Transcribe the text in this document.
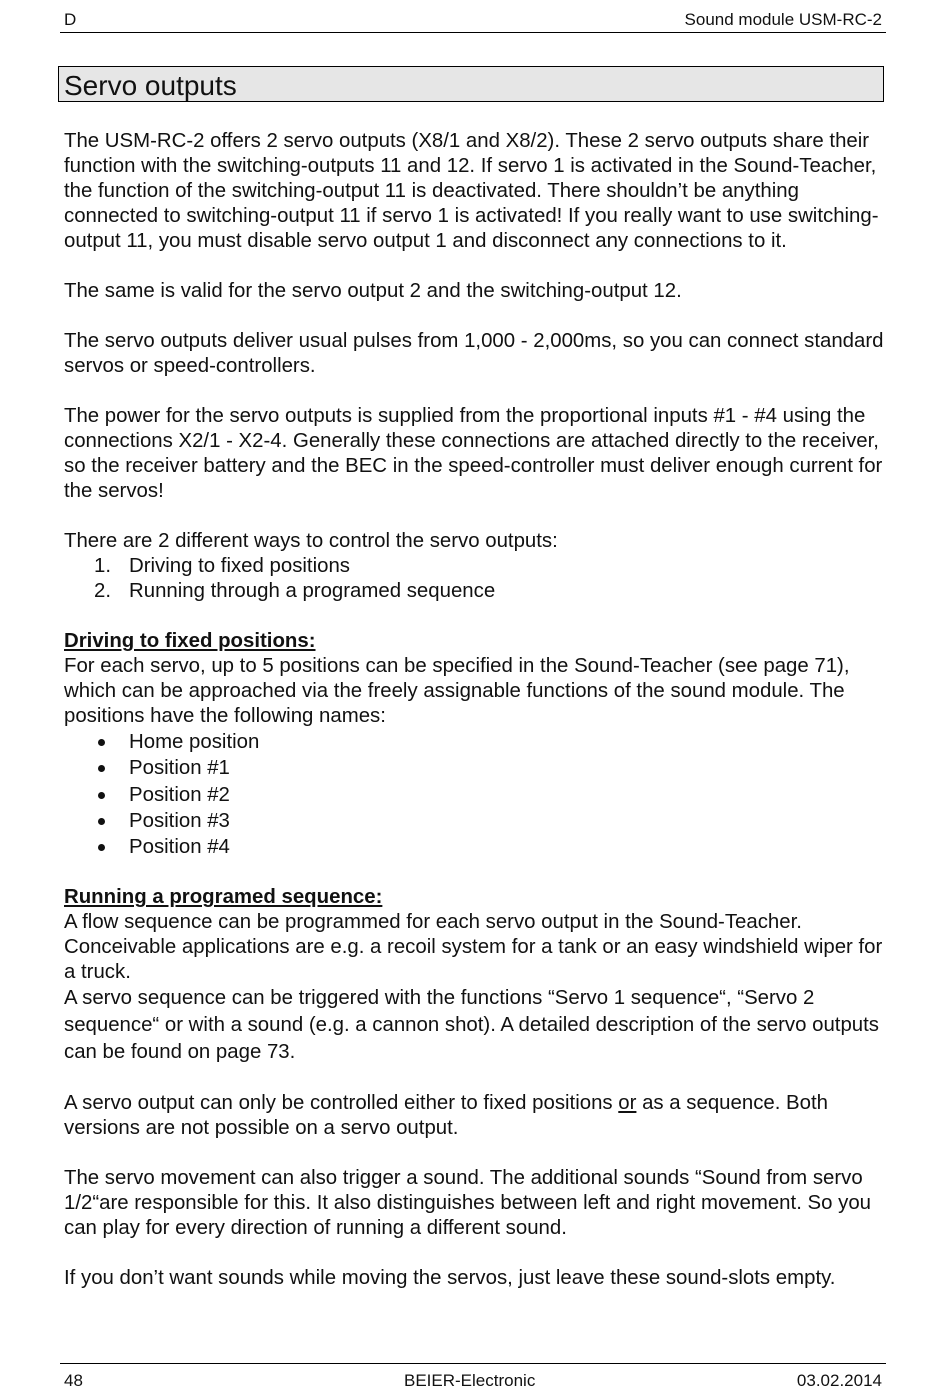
D	Sound module USM-RC-2
Servo outputs

The USM-RC-2 offers 2 servo outputs (X8/1 and X8/2). These 2 servo outputs share their function with the switching-outputs 11 and 12. If servo 1 is activated in the Sound-Teacher, the function of the switching-output 11 is deactivated. There shouldn’t be anything connected to switching-output 11 if servo 1 is activated! If you really want to use switching-output 11, you must disable servo output 1 and disconnect any connections to it.

The same is valid for the servo output 2 and the switching-output 12.

The servo outputs deliver usual pulses from 1,000 - 2,000ms, so you can connect standard servos or speed-controllers.

The power for the servo outputs is supplied from the proportional inputs #1 - #4 using the connections X2/1 - X2-4. Generally these connections are attached directly to the receiver, so the receiver battery and the BEC in the speed-controller must deliver enough current for the servos!

There are 2 different ways to control the servo outputs:

1. Driving to fixed positions
2. Running through a programed sequence

Driving to fixed positions:

For each servo, up to 5 positions can be specified in the Sound-Teacher (see page 71), which can be approached via the freely assignable functions of the sound module. The positions have the following names:

Home position
Position #1
Position #2
Position #3
Position #4

Running a programed sequence:

A flow sequence can be programmed for each servo output in the Sound-Teacher. Conceivable applications are e.g. a recoil system for a tank or an easy windshield wiper for a truck.

A servo sequence can be triggered with the functions “Servo 1 sequence“, “Servo 2 sequence“ or with a sound (e.g. a cannon shot). A detailed description of the servo outputs can be found on page 73.

A servo output can only be controlled either to fixed positions or as a sequence. Both versions are not possible on a servo output.

The servo movement can also trigger a sound. The additional sounds “Sound from servo 1/2“are responsible for this. It also distinguishes between left and right movement. So you can play for every direction of running a different sound.

If you don’t want sounds while moving the servos, just leave these sound-slots empty.

48	BEIER-Electronic	03.02.2014
